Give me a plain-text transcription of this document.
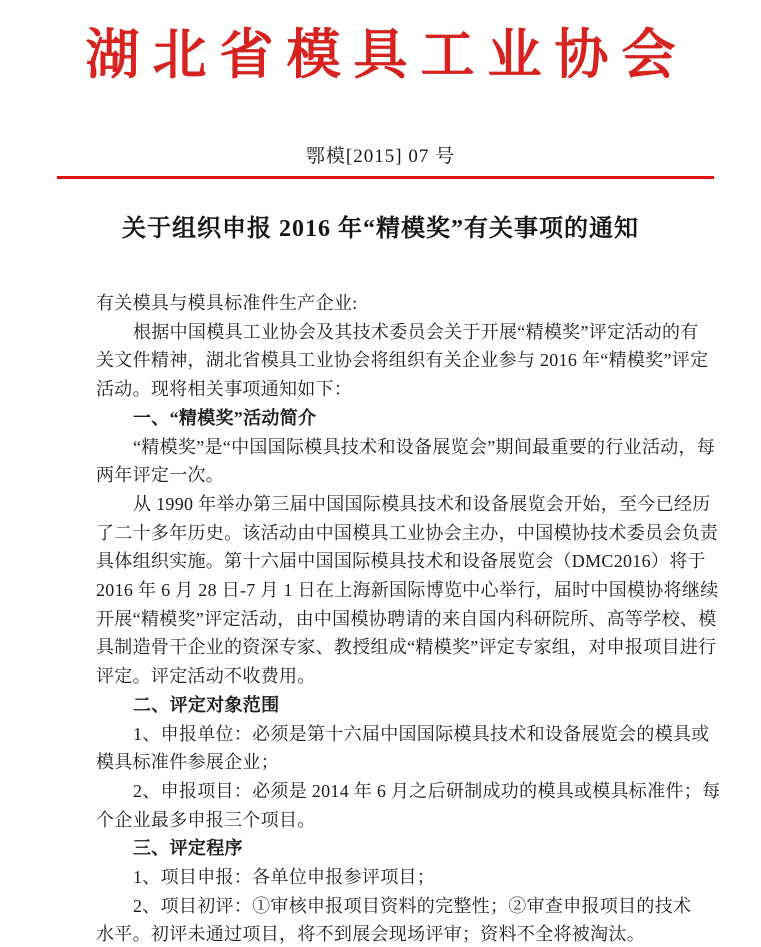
湖北省模具工业协会
鄂模[2015] 07 号
关于组织申报 2016 年“精模奖”有关事项的通知
有关模具与模具标准件生产企业:
根据中国模具工业协会及其技术委员会关于开展“精模奖”评定活动的有
关文件精神，湖北省模具工业协会将组织有关企业参与 2016 年“精模奖”评定
活动。现将相关事项通知如下：
一、“精模奖”活动简介
“精模奖”是“中国国际模具技术和设备展览会”期间最重要的行业活动，每
两年评定一次。
从 1990 年举办第三届中国国际模具技术和设备展览会开始，至今已经历
了二十多年历史。该活动由中国模具工业协会主办，中国模协技术委员会负责
具体组织实施。第十六届中国国际模具技术和设备展览会（DMC2016）将于
2016 年 6 月 28 日-7 月 1 日在上海新国际博览中心举行，届时中国模协将继续
开展“精模奖”评定活动，由中国模协聘请的来自国内科研院所、高等学校、模
具制造骨干企业的资深专家、教授组成“精模奖”评定专家组，对申报项目进行
评定。评定活动不收费用。
二、评定对象范围
1、申报单位：必须是第十六届中国国际模具技术和设备展览会的模具或
模具标准件参展企业；
2、申报项目：必须是 2014 年 6 月之后研制成功的模具或模具标准件；每
个企业最多申报三个项目。
三、评定程序
1、项目申报：各单位申报参评项目；
2、项目初评：①审核申报项目资料的完整性；②审查申报项目的技术
水平。初评未通过项目，将不到展会现场评审；资料不全将被淘汰。
